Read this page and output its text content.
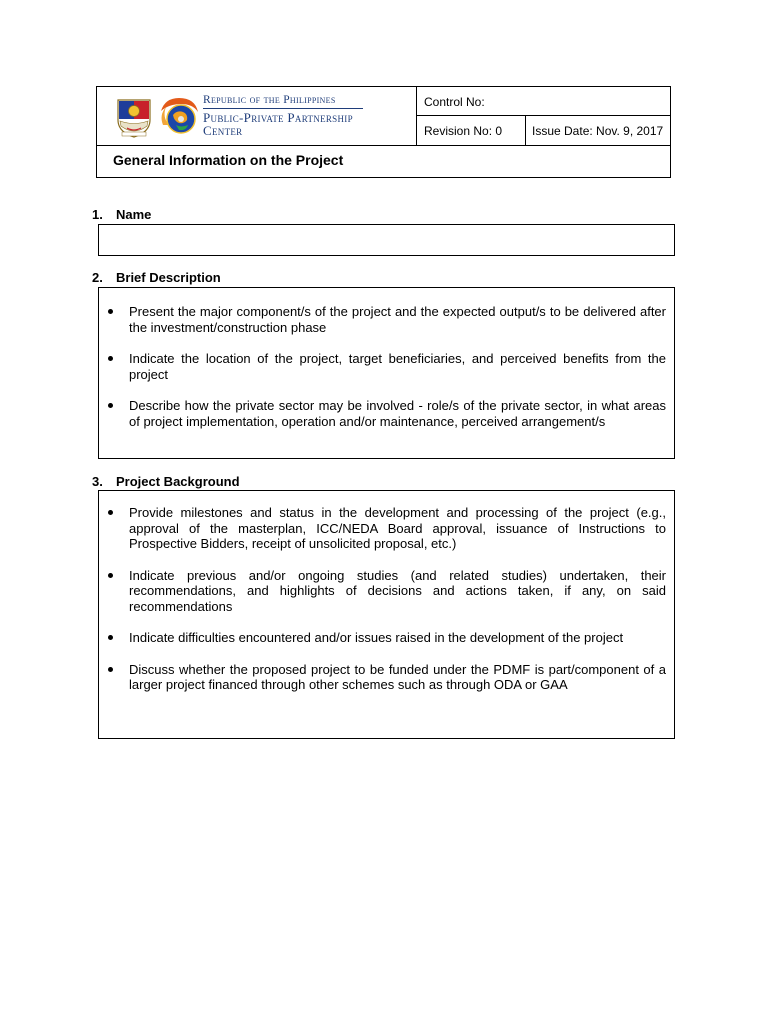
Republic of the Philippines
Public-Private Partnership
Center
Control No:
Revision No: 0	Issue Date: Nov. 9, 2017
General Information on the Project
1. Name
2. Brief Description
Present the major component/s of the project and the expected output/s to be delivered after the investment/construction phase
Indicate the location of the project, target beneficiaries, and perceived benefits from the project
Describe how the private sector may be involved - role/s of the private sector, in what areas of project implementation, operation and/or maintenance, perceived arrangement/s
3. Project Background
Provide milestones and status in the development and processing of the project (e.g., approval of the masterplan, ICC/NEDA Board approval, issuance of Instructions to Prospective Bidders, receipt of unsolicited proposal, etc.)
Indicate previous and/or ongoing studies (and related studies) undertaken, their recommendations, and highlights of decisions and actions taken, if any, on said recommendations
Indicate difficulties encountered and/or issues raised in the development of the project
Discuss whether the proposed project to be funded under the PDMF is part/component of a larger project financed through other schemes such as through ODA or GAA
